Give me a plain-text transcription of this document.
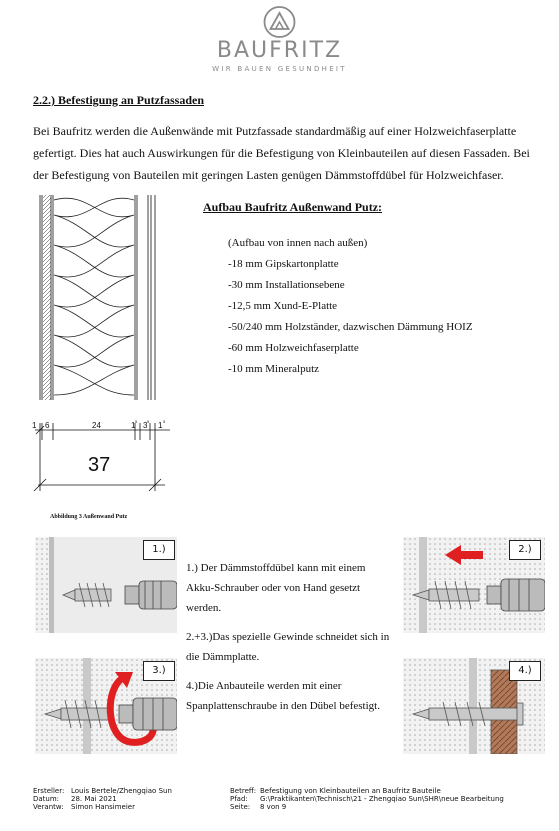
BAUFRITZ
WIR BAUEN GESUNDHEIT
2.2.) Befestigung an Putzfassaden
Bei Baufritz werden die Außenwände mit Putzfassade standardmäßig auf einer Holzweichfaserplatte gefertigt. Dies hat auch Auswirkungen für die Befestigung von Kleinbauteilen auf diesen Fassaden. Bei der Befestigung von Bauteilen mit geringen Lasten genügen Dämmstoffdübel für Holzweichfaser.
1 6	24	1 5 3 5 1 5
37
Abbildung 3 Außenwand Putz
Aufbau Baufritz Außenwand Putz:
(Aufbau von innen nach außen)
-18 mm Gipskartonplatte
-30 mm Installationsebene
-12,5 mm Xund-E-Platte
-50/240 mm Holzständer, dazwischen Dämmung HOIZ
-60 mm Holzweichfaserplatte
-10 mm Mineralputz
1.)	2.)
3.)	4.)

1.) Der Dämmstoffdübel kann mit einem Akku-Schrauber oder von Hand gesetzt werden.

2.+3.)Das spezielle Gewinde schneidet sich in die Dämmplatte.

4.)Die Anbauteile werden mit einer Spanplattenschraube in den Dübel befestigt.

Ersteller: Louis Bertele/Zhengqiao Sun
Datum: 28. Mai 2021
Verantw: Simon Hansimeier
Betreff: Befestigung von Kleinbauteilen an Baufritz Bauteile
Pfad: G:\Praktikanten\Technisch\21 - Zhengqiao Sun\SHR\neue Bearbeitung
Seite: 8 von 9
